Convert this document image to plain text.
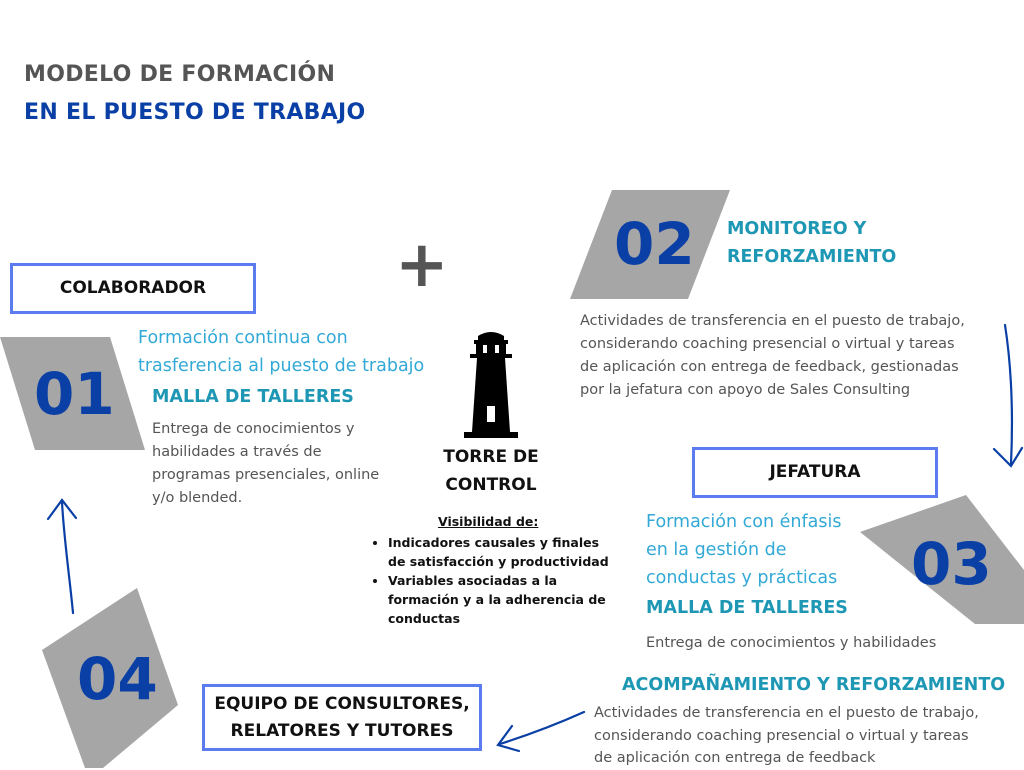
MODELO DE FORMACIÓN
EN EL PUESTO DE TRABAJO
+
COLABORADOR
01
Formación continua con
trasferencia al puesto de trabajo
MALLA DE TALLERES
Entrega de conocimientos y
habilidades a través de
programas presenciales, online
y/o blended.
02 MONITOREO Y
REFORZAMIENTO
Actividades de transferencia en el puesto de trabajo,
considerando coaching presencial o virtual y tareas
de aplicación con entrega de feedback, gestionadas
por la jefatura con apoyo de Sales Consulting
TORRE DE
CONTROL
Visibilidad de:
• Indicadores causales y finales
de satisfacción y productividad
• Variables asociadas a la
formación y a la adherencia de
conductas
JEFATURA
03
Formación con énfasis
en la gestión de
conductas y prácticas
MALLA DE TALLERES
Entrega de conocimientos y habilidades
ACOMPAÑAMIENTO Y REFORZAMIENTO
Actividades de transferencia en el puesto de trabajo,
considerando coaching presencial o virtual y tareas
de aplicación con entrega de feedback
04	EQUIPO DE CONSULTORES,
RELATORES Y TUTORES
